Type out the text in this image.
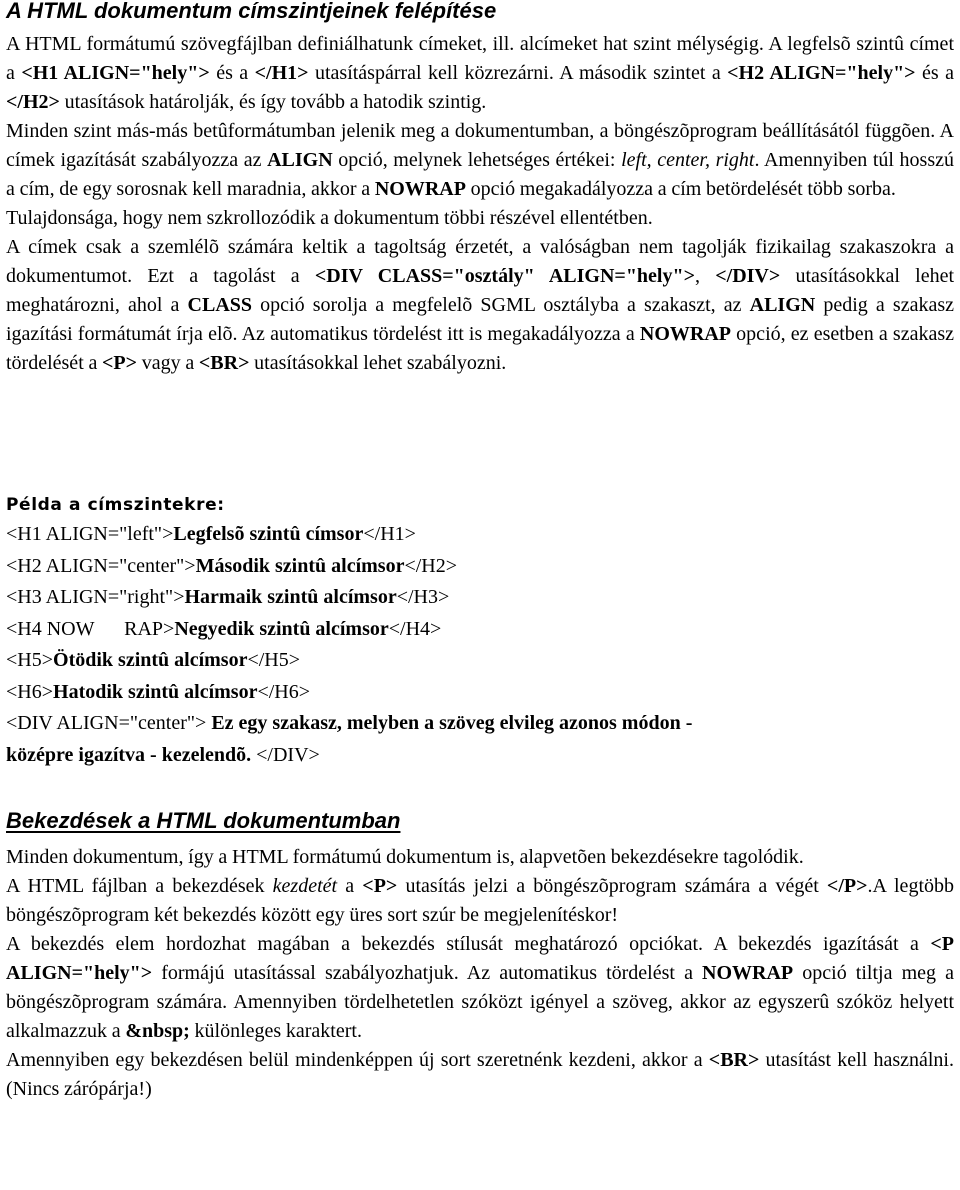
A HTML dokumentum címszintjeinek felépítése

A HTML formátumú szövegfájlban definiálhatunk címeket, ill. alcímeket hat szint mélységig. A legfelsõ szintû címet a <H1 ALIGN="hely"> és a </H1> utasításpárral kell közrezárni. A második szintet a <H2 ALIGN="hely"> és a </H2> utasítások határolják, és így tovább a hatodik szintig.

Minden szint más-más betûformátumban jelenik meg a dokumentumban, a böngészõprogram beállításától függõen. A címek igazítását szabályozza az ALIGN opció, melynek lehetséges értékei: left, center, right. Amennyiben túl hosszú a cím, de egy sorosnak kell maradnia, akkor a NOWRAP opció megakadályozza a cím betördelését több sorba.

Tulajdonsága, hogy nem szkrollozódik a dokumentum többi részével ellentétben.

A címek csak a szemlélõ számára keltik a tagoltság érzetét, a valóságban nem tagolják fizikailag szakaszokra a dokumentumot. Ezt a tagolást a <DIV CLASS="osztály" ALIGN="hely">, </DIV> utasításokkal lehet meghatározni, ahol a CLASS opció sorolja a megfelelõ SGML osztályba a szakaszt, az ALIGN pedig a szakasz igazítási formátumát írja elõ. Az automatikus tördelést itt is megakadályozza a NOWRAP opció, ez esetben a szakasz tördelését a <P> vagy a <BR> utasításokkal lehet szabályozni.

Példa a címszintekre:

<H1 ALIGN="left">Legfelsõ szintû címsor</H1>

<H2 ALIGN="center">Második szintû alcímsor</H2>

<H3 ALIGN="right">Harmaik szintû alcímsor</H3>

<H4 NOW      RAP>Negyedik szintû alcímsor</H4>

<H5>Ötödik szintû alcímsor</H5>

<H6>Hatodik szintû alcímsor</H6>

<DIV ALIGN="center"> Ez egy szakasz, melyben a szöveg elvileg azonos módon -

középre igazítva - kezelendõ. </DIV>

Bekezdések a HTML dokumentumban

Minden dokumentum, így a HTML formátumú dokumentum is, alapvetõen bekezdésekre tagolódik.

A HTML fájlban a bekezdések kezdetét a <P> utasítás jelzi a böngészõprogram számára a végét </P>.A legtöbb böngészõprogram két bekezdés között egy üres sort szúr be megjelenítéskor!

A bekezdés elem hordozhat magában a bekezdés stílusát meghatározó opciókat. A bekezdés igazítását a <P ALIGN="hely"> formájú utasítással szabályozhatjuk. Az automatikus tördelést a NOWRAP opció tiltja meg a böngészõprogram számára. Amennyiben tördelhetetlen szóközt igényel a szöveg, akkor az egyszerû szóköz helyett alkalmazzuk a &nbsp; különleges karaktert.

Amennyiben egy bekezdésen belül mindenképpen új sort szeretnénk kezdeni, akkor a <BR> utasítást kell használni. (Nincs zárópárja!)
